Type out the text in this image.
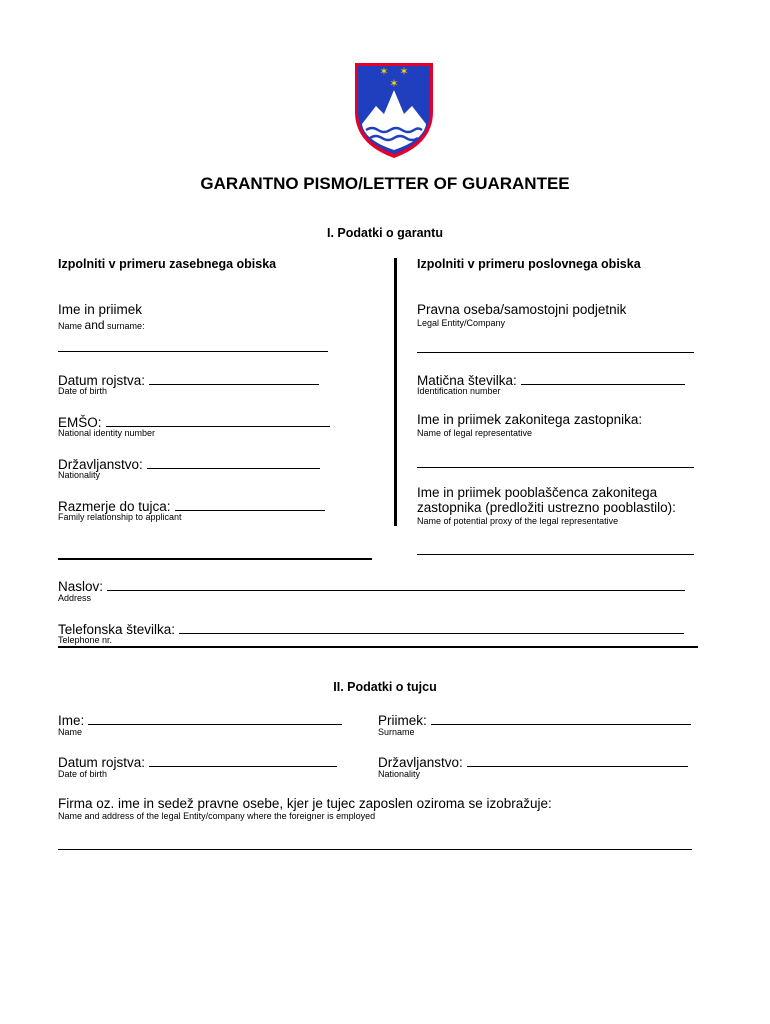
✶ ✶
✶
GARANTNO PISMO/LETTER OF GUARANTEE
I. Podatki o garantu
Izpolniti v primeru zasebnega obiska	Izpolniti v primeru poslovnega obiska
Ime in priimek
Name and surname:
Datum rojstva:
Date of birth
EMŠO:
National identity number
Državljanstvo:
Nationality
Razmerje do tujca:
Family relationship to applicant
Pravna oseba/samostojni podjetnik
Legal Entity/Company
Matična številka:
Identification number
Ime in priimek zakonitega zastopnika:
Name of legal representative
Ime in priimek pooblaščenca zakonitega
zastopnika (predložiti ustrezno pooblastilo):
Name of potential proxy of the legal representative
Naslov:
Address
Telefonska številka:
Telephone nr.
II. Podatki o tujcu
Ime:
Name
Priimek:
Surname
Datum rojstva:
Date of birth
Državljanstvo:
Nationality
Firma oz. ime in sedež pravne osebe, kjer je tujec zaposlen oziroma se izobražuje:
Name and address of the legal Entity/company where the foreigner is employed
